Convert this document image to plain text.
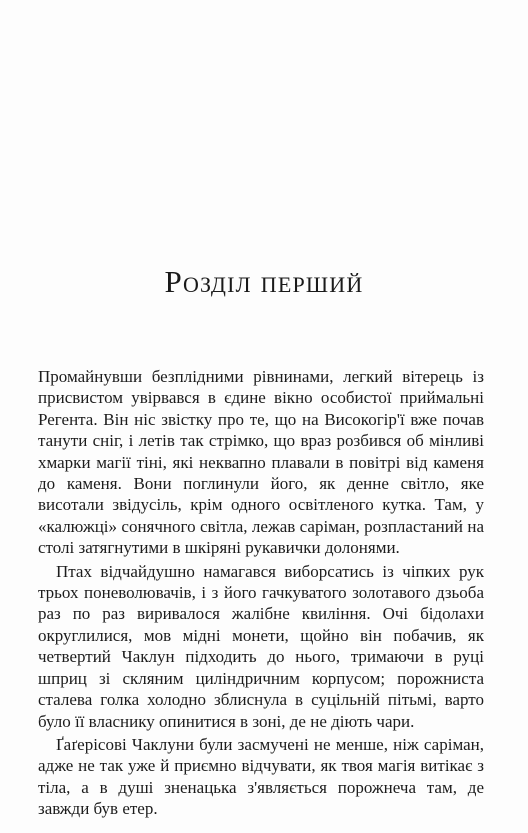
Розділ перший

Промайнувши безплідними рівнинами, легкий вітерець із присвистом увірвався в єдине вікно особистої приймальні Регента. Він ніс звістку про те, що на Високогір'ї вже почав танути сніг, і летів так стрімко, що враз розбився об мінливі хмарки магії тіні, які неквапно плавали в повітрі від каменя до каменя. Вони поглинули його, як денне світло, яке висотали звідусіль, крім одного освітленого кутка. Там, у «калюжці» сонячного світла, лежав саріман, розпластаний на столі затягнутими в шкіряні рукавички долонями.

Птах відчайдушно намагався виборсатись із чіпких рук трьох поневолювачів, і з його гачкуватого золотавого дзьоба раз по раз виривалося жалібне квиління. Очі бідолахи округлилися, мов мідні монети, щойно він побачив, як четвертий Чаклун підходить до нього, тримаючи в руці шприц зі скляним циліндричним корпусом; порожниста сталева голка холодно зблиснула в суцільній пітьмі, варто було її власнику опинитися в зоні, де не діють чари.

Ґаґерісові Чаклуни були засмучені не менше, ніж саріман, адже не так уже й приємно відчувати, як твоя магія витікає з тіла, а в душі зненацька з'являється порожнеча там, де завжди був етер.
